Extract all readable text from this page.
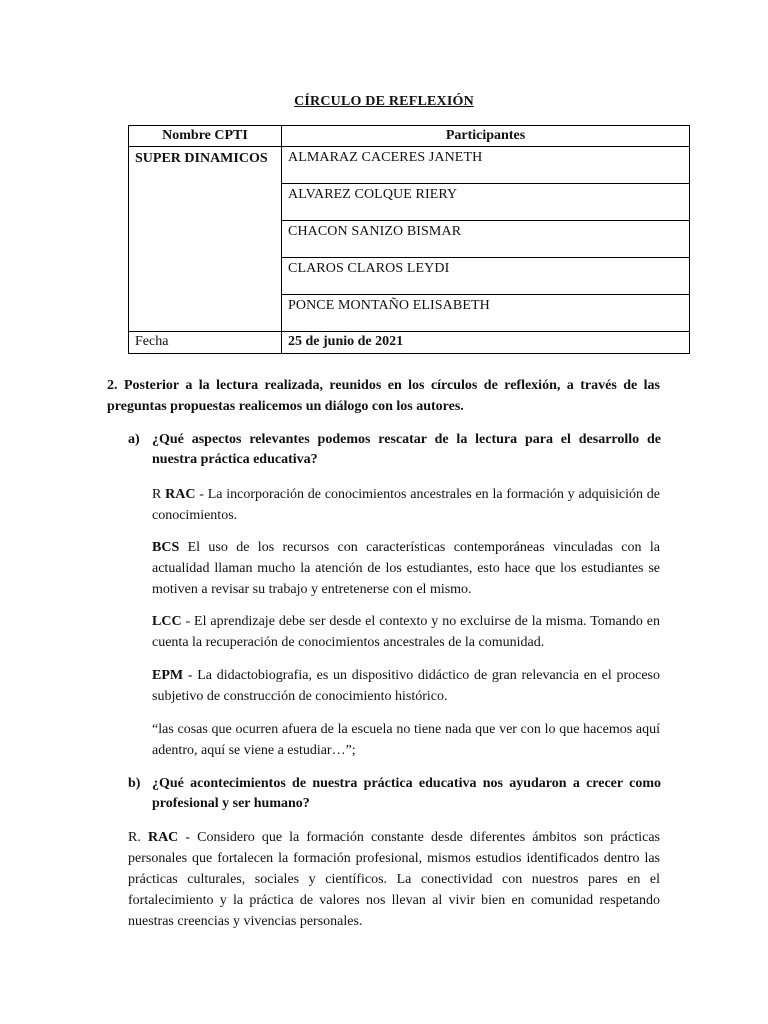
CÍRCULO DE REFLEXIÓN
Nombre CPTI	Participantes
SUPER DINAMICOS	ALMARAZ CACERES JANETH
	ALVAREZ COLQUE RIERY
	CHACON SANIZO BISMAR
	CLAROS CLAROS LEYDI
	PONCE MONTAÑO ELISABETH
Fecha	25 de junio de 2021
2. Posterior a la lectura realizada, reunidos en los círculos de reflexión, a través de las preguntas propuestas realicemos un diálogo con los autores.
a) ¿Qué aspectos relevantes podemos rescatar de la lectura para el desarrollo de nuestra práctica educativa?
R RAC - La incorporación de conocimientos ancestrales en la formación y adquisición de conocimientos.
BCS El uso de los recursos con características contemporáneas vinculadas con la actualidad llaman mucho la atención de los estudiantes, esto hace que los estudiantes se motiven a revisar su trabajo y entretenerse con el mismo.
LCC - El aprendizaje debe ser desde el contexto y no excluirse de la misma. Tomando en cuenta la recuperación de conocimientos ancestrales de la comunidad.
EPM - La didactobiografia, es un dispositivo didáctico de gran relevancia en el proceso subjetivo de construcción de conocimiento histórico.
“las cosas que ocurren afuera de la escuela no tiene nada que ver con lo que hacemos aquí adentro, aquí se viene a estudiar…”;
b) ¿Qué acontecimientos de nuestra práctica educativa nos ayudaron a crecer como profesional y ser humano?
R. RAC - Considero que la formación constante desde diferentes ámbitos son prácticas personales que fortalecen la formación profesional, mismos estudios identificados dentro las prácticas culturales, sociales y científicos. La conectividad con nuestros pares en el fortalecimiento y la práctica de valores nos llevan al vivir bien en comunidad respetando nuestras creencias y vivencias personales.
